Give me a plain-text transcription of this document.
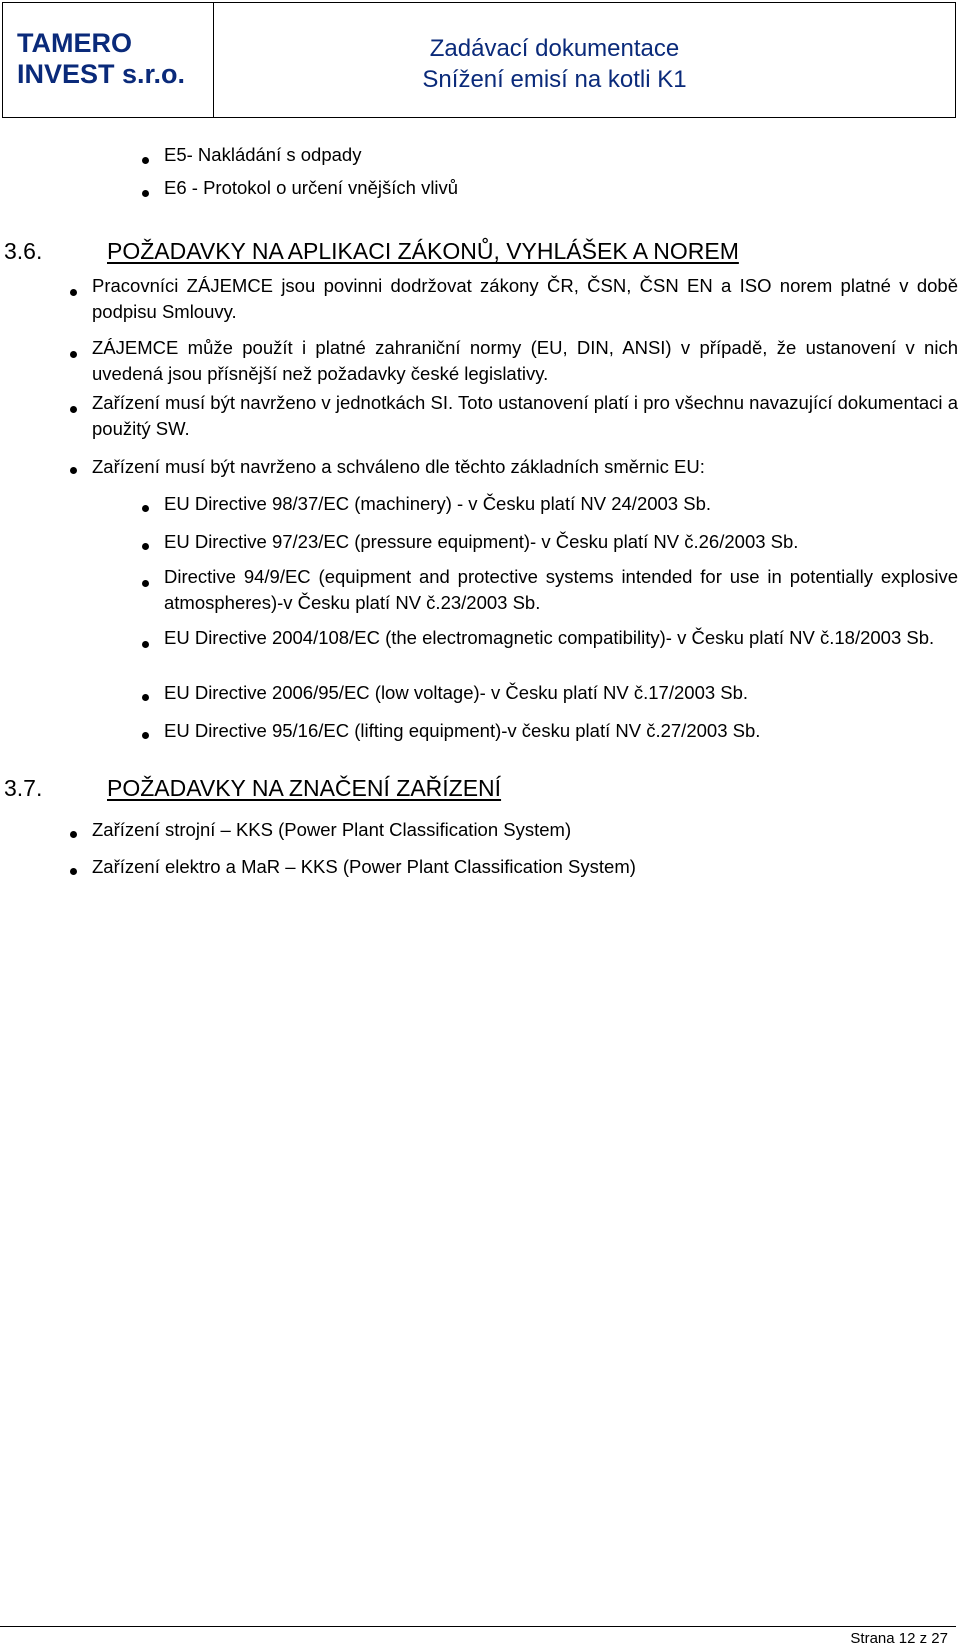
TAMERO
INVEST s.r.o.
Zadávací dokumentace
Snížení emisí na kotli K1
E5- Nakládání s odpady
E6 - Protokol o určení vnějších vlivů
3.6.	POŽADAVKY NA APLIKACI ZÁKONŮ, VYHLÁŠEK A NOREM
Pracovníci ZÁJEMCE jsou povinni dodržovat zákony ČR, ČSN, ČSN EN a ISO norem platné v době podpisu Smlouvy.
ZÁJEMCE může použít i platné zahraniční normy (EU, DIN, ANSI) v případě, že ustanovení v nich uvedená jsou přísnější než požadavky české legislativy.
Zařízení musí být navrženo v jednotkách SI. Toto ustanovení platí i pro všechnu navazující dokumentaci a použitý SW.
Zařízení musí být navrženo a schváleno dle těchto základních směrnic EU:
EU Directive 98/37/EC (machinery) - v Česku platí NV 24/2003 Sb.
EU Directive 97/23/EC (pressure equipment)- v Česku platí NV č.26/2003 Sb.
Directive 94/9/EC (equipment and protective systems intended for use in potentially explosive atmospheres)-v Česku platí NV č.23/2003 Sb.
EU Directive 2004/108/EC (the electromagnetic compatibility)- v Česku platí NV č.18/2003 Sb.
EU Directive 2006/95/EC (low voltage)- v Česku platí NV č.17/2003 Sb.
EU Directive 95/16/EC (lifting equipment)-v česku platí NV č.27/2003 Sb.
3.7.	POŽADAVKY NA ZNAČENÍ ZAŘÍZENÍ
Zařízení strojní – KKS (Power Plant Classification System)
Zařízení elektro a MaR – KKS (Power Plant Classification System)
Strana 12 z 27
